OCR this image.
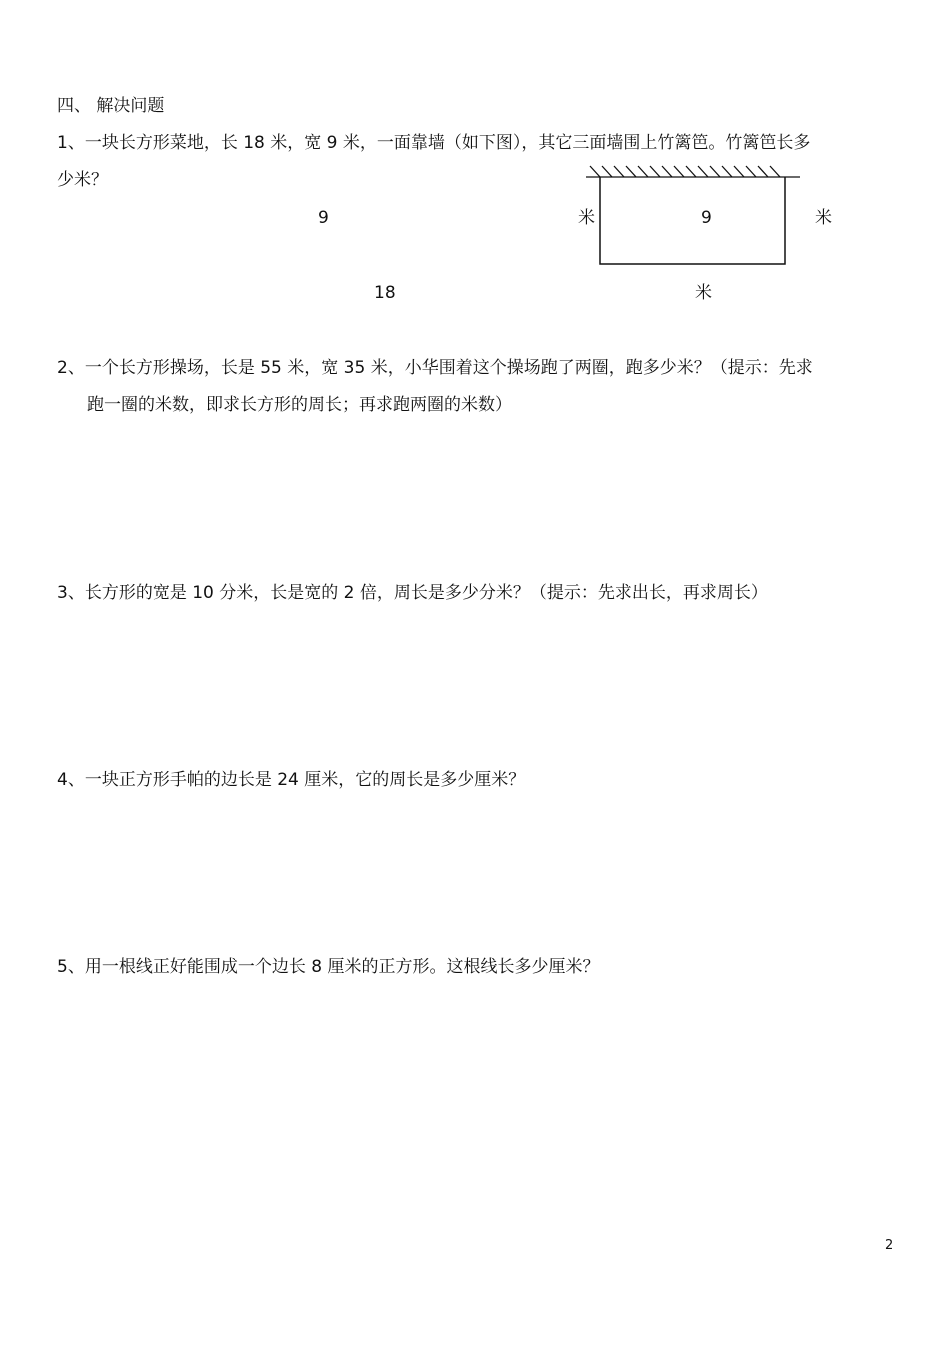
四、 解决问题
1、一块长方形菜地，长 18 米，宽 9 米，一面靠墙（如下图），其它三面墙围上竹篱笆。竹篱笆长多
少米？
9	米	9	米
18	米
2、一个长方形操场，长是 55 米，宽 35 米，小华围着这个操场跑了两圈，跑多少米？（提示：先求
跑一圈的米数，即求长方形的周长；再求跑两圈的米数）
3、长方形的宽是 10 分米，长是宽的 2 倍，周长是多少分米？（提示：先求出长，再求周长）
4、一块正方形手帕的边长是 24 厘米，它的周长是多少厘米？
5、用一根线正好能围成一个边长 8 厘米的正方形。这根线长多少厘米？
2
